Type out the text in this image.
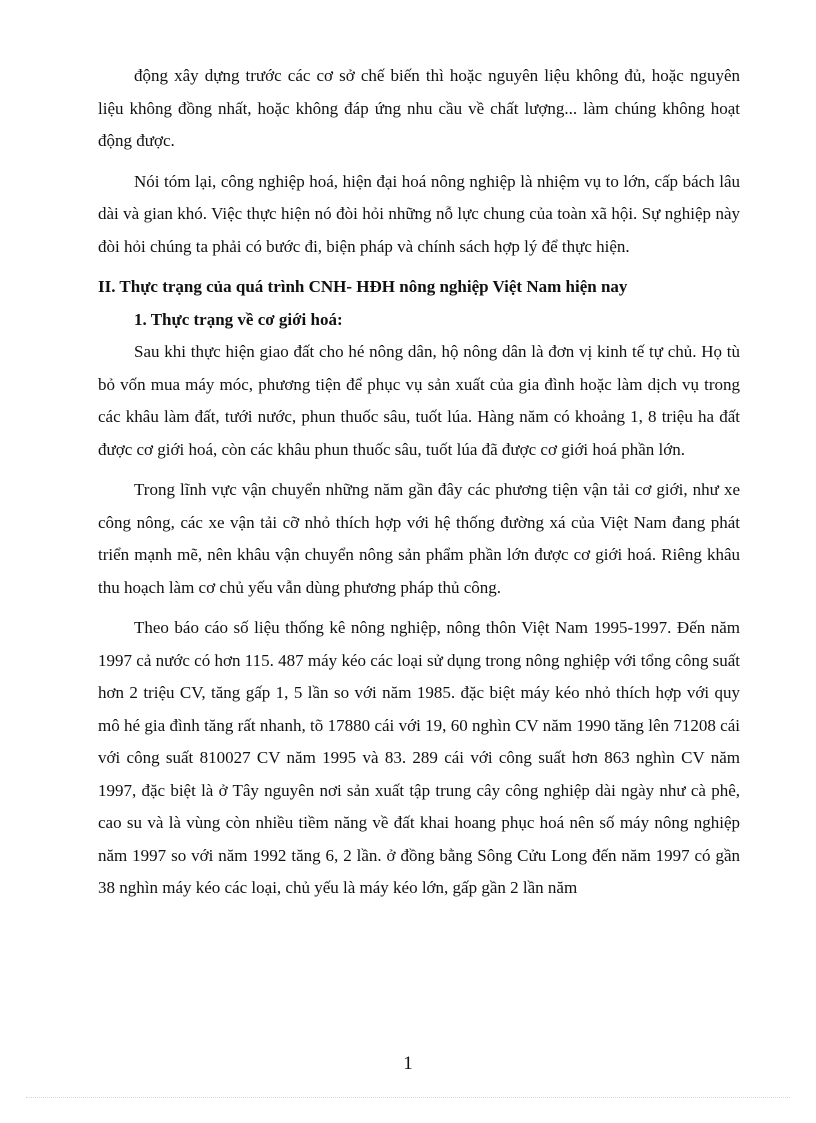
động xây dựng trước các cơ sở chế biến thì hoặc nguyên liệu không đủ, hoặc nguyên liệu không đồng nhất, hoặc không đáp ứng nhu cầu về chất lượng... làm chúng không hoạt động được.

Nói tóm lại, công nghiệp hoá, hiện đại hoá nông nghiệp là nhiệm vụ to lớn, cấp bách lâu dài và gian khó. Việc thực hiện nó đòi hỏi những nỗ lực chung của toàn xã hội. Sự nghiệp này đòi hỏi chúng ta phải có bước đi, biện pháp và chính sách hợp lý để thực hiện.

II. Thực trạng của quá trình CNH- HĐH nông nghiệp Việt Nam hiện nay

1. Thực trạng về cơ giới hoá:

Sau khi thực hiện giao đất cho hé nông dân, hộ nông dân là đơn vị kinh tế tự chủ. Họ tù bỏ vốn mua máy móc, phương tiện để phục vụ sản xuất của gia đình hoặc làm dịch vụ trong các khâu làm đất, tưới nước, phun thuốc sâu, tuốt lúa. Hàng năm có khoảng 1, 8 triệu ha đất được cơ giới hoá, còn các khâu phun thuốc sâu, tuốt lúa đã được cơ giới hoá phần lớn.

Trong lĩnh vực vận chuyển những năm gần đây các phương tiện vận tải cơ giới, như xe công nông, các xe vận tải cỡ nhỏ thích hợp với hệ thống đường xá của Việt Nam đang phát triển mạnh mẽ, nên khâu vận chuyển nông sản phẩm phần lớn được cơ giới hoá. Riêng khâu thu hoạch làm cơ chủ yếu vẫn dùng phương pháp thủ công.

Theo báo cáo số liệu thống kê nông nghiệp, nông thôn Việt Nam 1995-1997. Đến năm 1997 cả nước có hơn 115. 487 máy kéo các loại sử dụng trong nông nghiệp với tổng công suất hơn 2 triệu CV, tăng gấp 1, 5 lần so với năm 1985. đặc biệt máy kéo nhỏ thích hợp với quy mô hé gia đình tăng rất nhanh, tõ 17880 cái với 19, 60 nghìn CV năm 1990 tăng lên 71208 cái với công suất 810027 CV năm 1995 và 83. 289 cái với công suất hơn 863 nghìn CV năm 1997, đặc biệt là ở Tây nguyên nơi sản xuất tập trung cây công nghiệp dài ngày như cà phê, cao su và là vùng còn nhiều tiềm năng về đất khai hoang phục hoá nên số máy nông nghiệp năm 1997 so với năm 1992 tăng 6, 2 lần. ở đồng bằng Sông Cửu Long đến năm 1997 có gần 38 nghìn máy kéo các loại, chủ yếu là máy kéo lớn, gấp gần 2 lần năm

1
